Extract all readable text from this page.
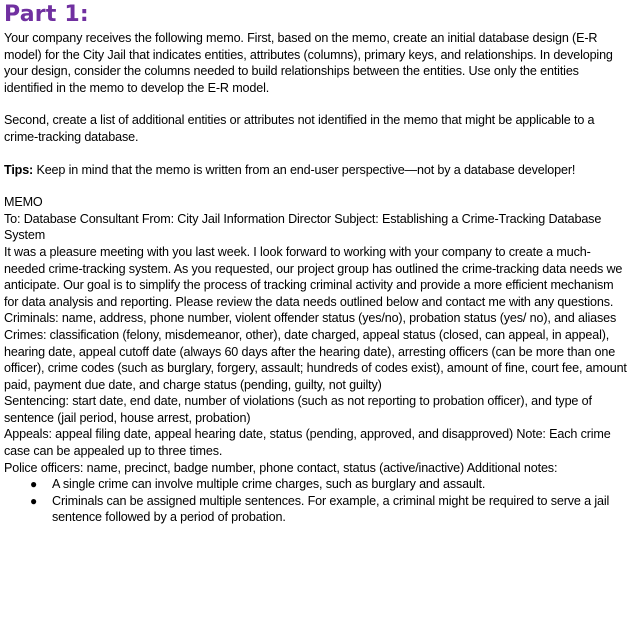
Part 1:

Your company receives the following memo. First, based on the memo, create an initial database design (E-R model) for the City Jail that indicates entities, attributes (columns), primary keys, and relationships. In developing your design, consider the columns needed to build relationships between the entities. Use only the entities identified in the memo to develop the E-R model.

Second, create a list of additional entities or attributes not identified in the memo that might be applicable to a crime-tracking database.

Tips: Keep in mind that the memo is written from an end-user perspective—not by a database developer!

MEMO

To: Database Consultant From: City Jail Information Director Subject: Establishing a Crime-Tracking Database System

It was a pleasure meeting with you last week. I look forward to working with your company to create a much-needed crime-tracking system. As you requested, our project group has outlined the crime-tracking data needs we anticipate. Our goal is to simplify the process of tracking criminal activity and provide a more efficient mechanism for data analysis and reporting. Please review the data needs outlined below and contact me with any questions.

Criminals: name, address, phone number, violent offender status (yes/no), probation status (yes/ no), and aliases

Crimes: classification (felony, misdemeanor, other), date charged, appeal status (closed, can appeal, in appeal), hearing date, appeal cutoff date (always 60 days after the hearing date), arresting officers (can be more than one officer), crime codes (such as burglary, forgery, assault; hundreds of codes exist), amount of fine, court fee, amount paid, payment due date, and charge status (pending, guilty, not guilty)

Sentencing: start date, end date, number of violations (such as not reporting to probation officer), and type of sentence (jail period, house arrest, probation)

Appeals: appeal filing date, appeal hearing date, status (pending, approved, and disapproved) Note: Each crime case can be appealed up to three times.

Police officers: name, precinct, badge number, phone contact, status (active/inactive) Additional notes:

● A single crime can involve multiple crime charges, such as burglary and assault.
● Criminals can be assigned multiple sentences. For example, a criminal might be required to serve a jail sentence followed by a period of probation.
